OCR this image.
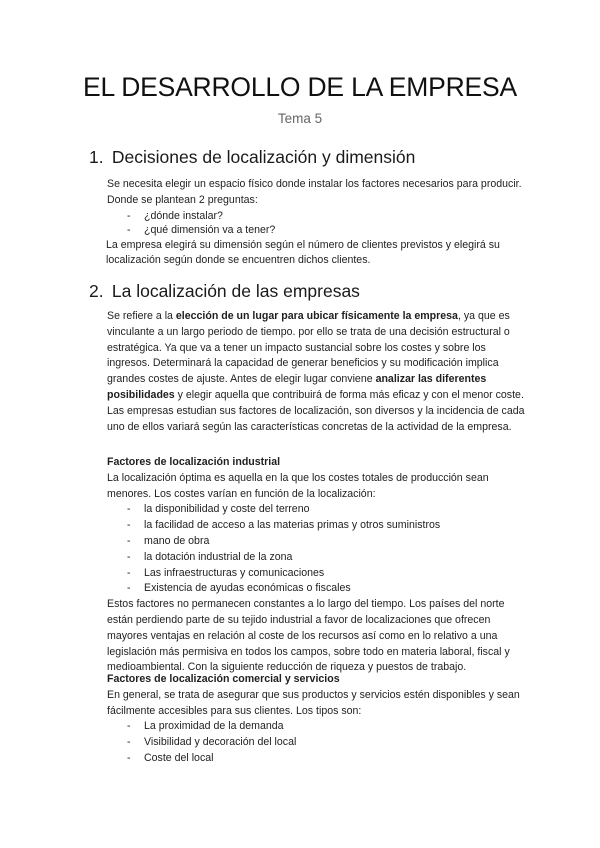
EL DESARROLLO DE LA EMPRESA
Tema 5
1. Decisiones de localización y dimensión

Se necesita elegir un espacio físico donde instalar los factores necesarios para producir. Donde se plantean 2 preguntas:

- ¿dónde instalar?
- ¿qué dimensión va a tener?

La empresa elegirá su dimensión según el número de clientes previstos y elegirá su localización según donde se encuentren dichos clientes.

2. La localización de las empresas

Se refiere a la elección de un lugar para ubicar físicamente la empresa, ya que es vinculante a un largo periodo de tiempo. por ello se trata de una decisión estructural o estratégica. Ya que va a tener un impacto sustancial sobre los costes y sobre los ingresos. Determinará la capacidad de generar beneficios y su modificación implica grandes costes de ajuste. Antes de elegir lugar conviene analizar las diferentes posibilidades y elegir aquella que contribuirá de forma más eficaz y con el menor coste. Las empresas estudian sus factores de localización, son diversos y la incidencia de cada uno de ellos variará según las características concretas de la actividad de la empresa.

Factores de localización industrial

La localización óptima es aquella en la que los costes totales de producción sean menores. Los costes varían en función de la localización:

- la disponibilidad y coste del terreno
- la facilidad de acceso a las materias primas y otros suministros
- mano de obra
- la dotación industrial de la zona
- Las infraestructuras y comunicaciones
- Existencia de ayudas económicas o fiscales

Estos factores no permanecen constantes a lo largo del tiempo. Los países del norte están perdiendo parte de su tejido industrial a favor de localizaciones que ofrecen mayores ventajas en relación al coste de los recursos así como en lo relativo a una legislación más permisiva en todos los campos, sobre todo en materia laboral, fiscal y medioambiental. Con la siguiente reducción de riqueza y puestos de trabajo.

Factores de localización comercial y servicios

En general, se trata de asegurar que sus productos y servicios estén disponibles y sean fácilmente accesibles para sus clientes. Los tipos son:

- La proximidad de la demanda
- Visibilidad y decoración del local
- Coste del local
